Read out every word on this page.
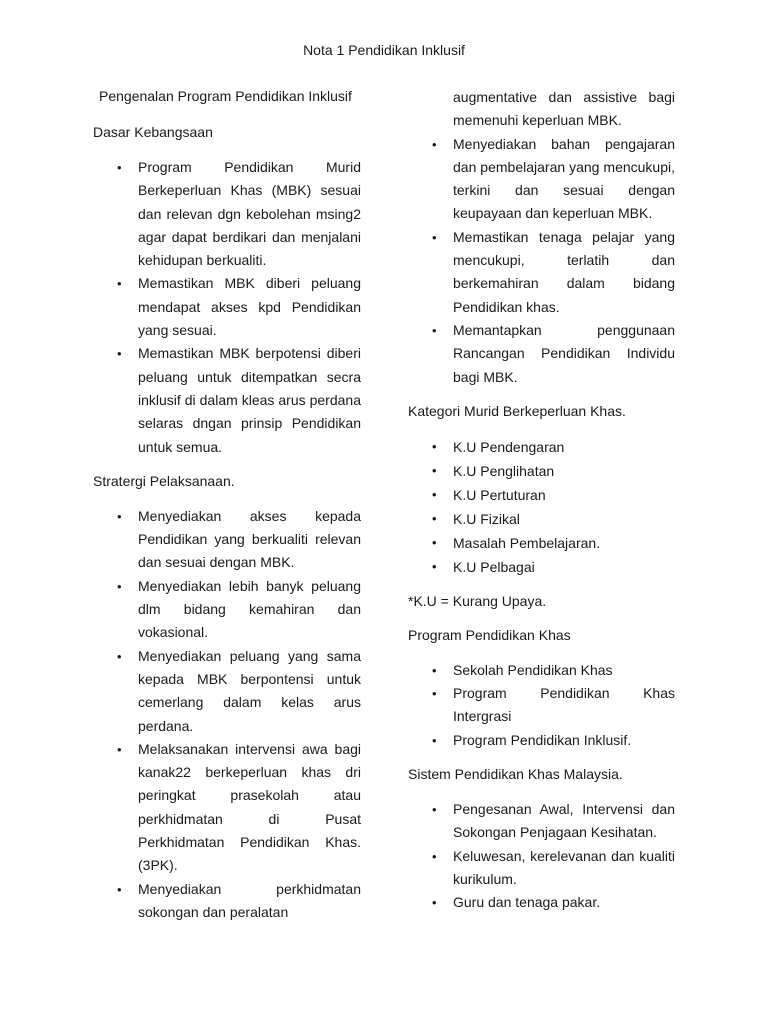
Nota 1 Pendidikan Inklusif

Pengenalan Program Pendidikan Inklusif

Dasar Kebangsaan

•	Program Pendidikan Murid
Berkeperluan Khas (MBK) sesuai
dan relevan dgn kebolehan msing2
agar dapat berdikari dan menjalani
kehidupan berkualiti.
•	Memastikan MBK diberi peluang
mendapat akses kpd Pendidikan
yang sesuai.
•	Memastikan MBK berpotensi diberi
peluang untuk ditempatkan secra
inklusif di dalam kleas arus perdana
selaras dngan prinsip Pendidikan
untuk semua.

Stratergi Pelaksanaan.

•	Menyediakan akses kepada
Pendidikan yang berkualiti relevan
dan sesuai dengan MBK.
•	Menyediakan lebih banyk peluang
dlm bidang kemahiran dan
vokasional.
•	Menyediakan peluang yang sama
kepada MBK berpontensi untuk
cemerlang dalam kelas arus
perdana.
•	Melaksanakan intervensi awa bagi
kanak22 berkeperluan khas dri
peringkat prasekolah atau
perkhidmatan di Pusat
Perkhidmatan Pendidikan Khas.
(3PK).
•	Menyediakan perkhidmatan
sokongan dan peralatan
augmentative dan assistive bagi
memenuhi keperluan MBK.
•	Menyediakan bahan pengajaran
dan pembelajaran yang mencukupi,
terkini dan sesuai dengan
keupayaan dan keperluan MBK.
•	Memastikan tenaga pelajar yang
mencukupi, terlatih dan
berkemahiran dalam bidang
Pendidikan khas.
•	Memantapkan penggunaan
Rancangan Pendidikan Individu
bagi MBK.

Kategori Murid Berkeperluan Khas.

•	K.U Pendengaran
•	K.U Penglihatan
•	K.U Pertuturan
•	K.U Fizikal
•	Masalah Pembelajaran.
•	K.U Pelbagai

*K.U = Kurang Upaya.

Program Pendidikan Khas

•	Sekolah Pendidikan Khas
•	Program Pendidikan Khas
Intergrasi
•	Program Pendidikan Inklusif.

Sistem Pendidikan Khas Malaysia.

•	Pengesanan Awal, Intervensi dan
Sokongan Penjagaan Kesihatan.
•	Keluwesan, kerelevanan dan kualiti
kurikulum.
•	Guru dan tenaga pakar.
